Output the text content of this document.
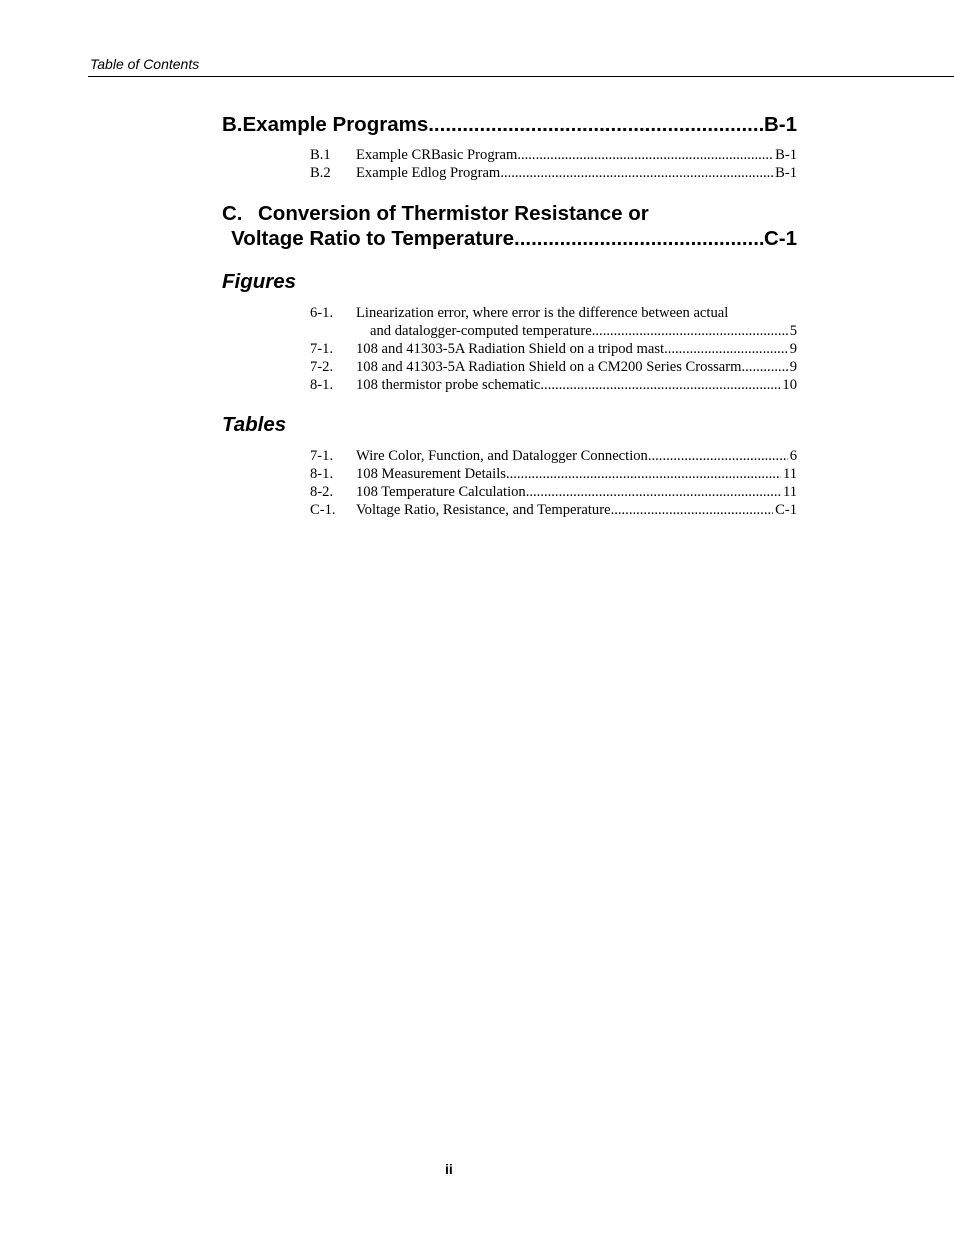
Table of Contents
B. Example Programs .....	B-1
B.1	Example CRBasic Program .....	B-1
B.2	Example Edlog Program .....	B-1
C. Conversion of Thermistor Resistance or
Voltage Ratio to Temperature .....	C-1
Figures
6-1.	Linearization error, where error is the difference between actual
and datalogger-computed temperature. .....	5
7-1.	108 and 41303-5A Radiation Shield on a tripod mast .....	9
7-2.	108 and 41303-5A Radiation Shield on a CM200 Series Crossarm .....	9
8-1.	108 thermistor probe schematic .....	10
Tables
7-1.	Wire Color, Function, and Datalogger Connection .....	6
8-1.	108 Measurement Details .....	11
8-2.	108 Temperature Calculation .....	11
C-1.	Voltage Ratio, Resistance, and Temperature .....	C-1
ii
